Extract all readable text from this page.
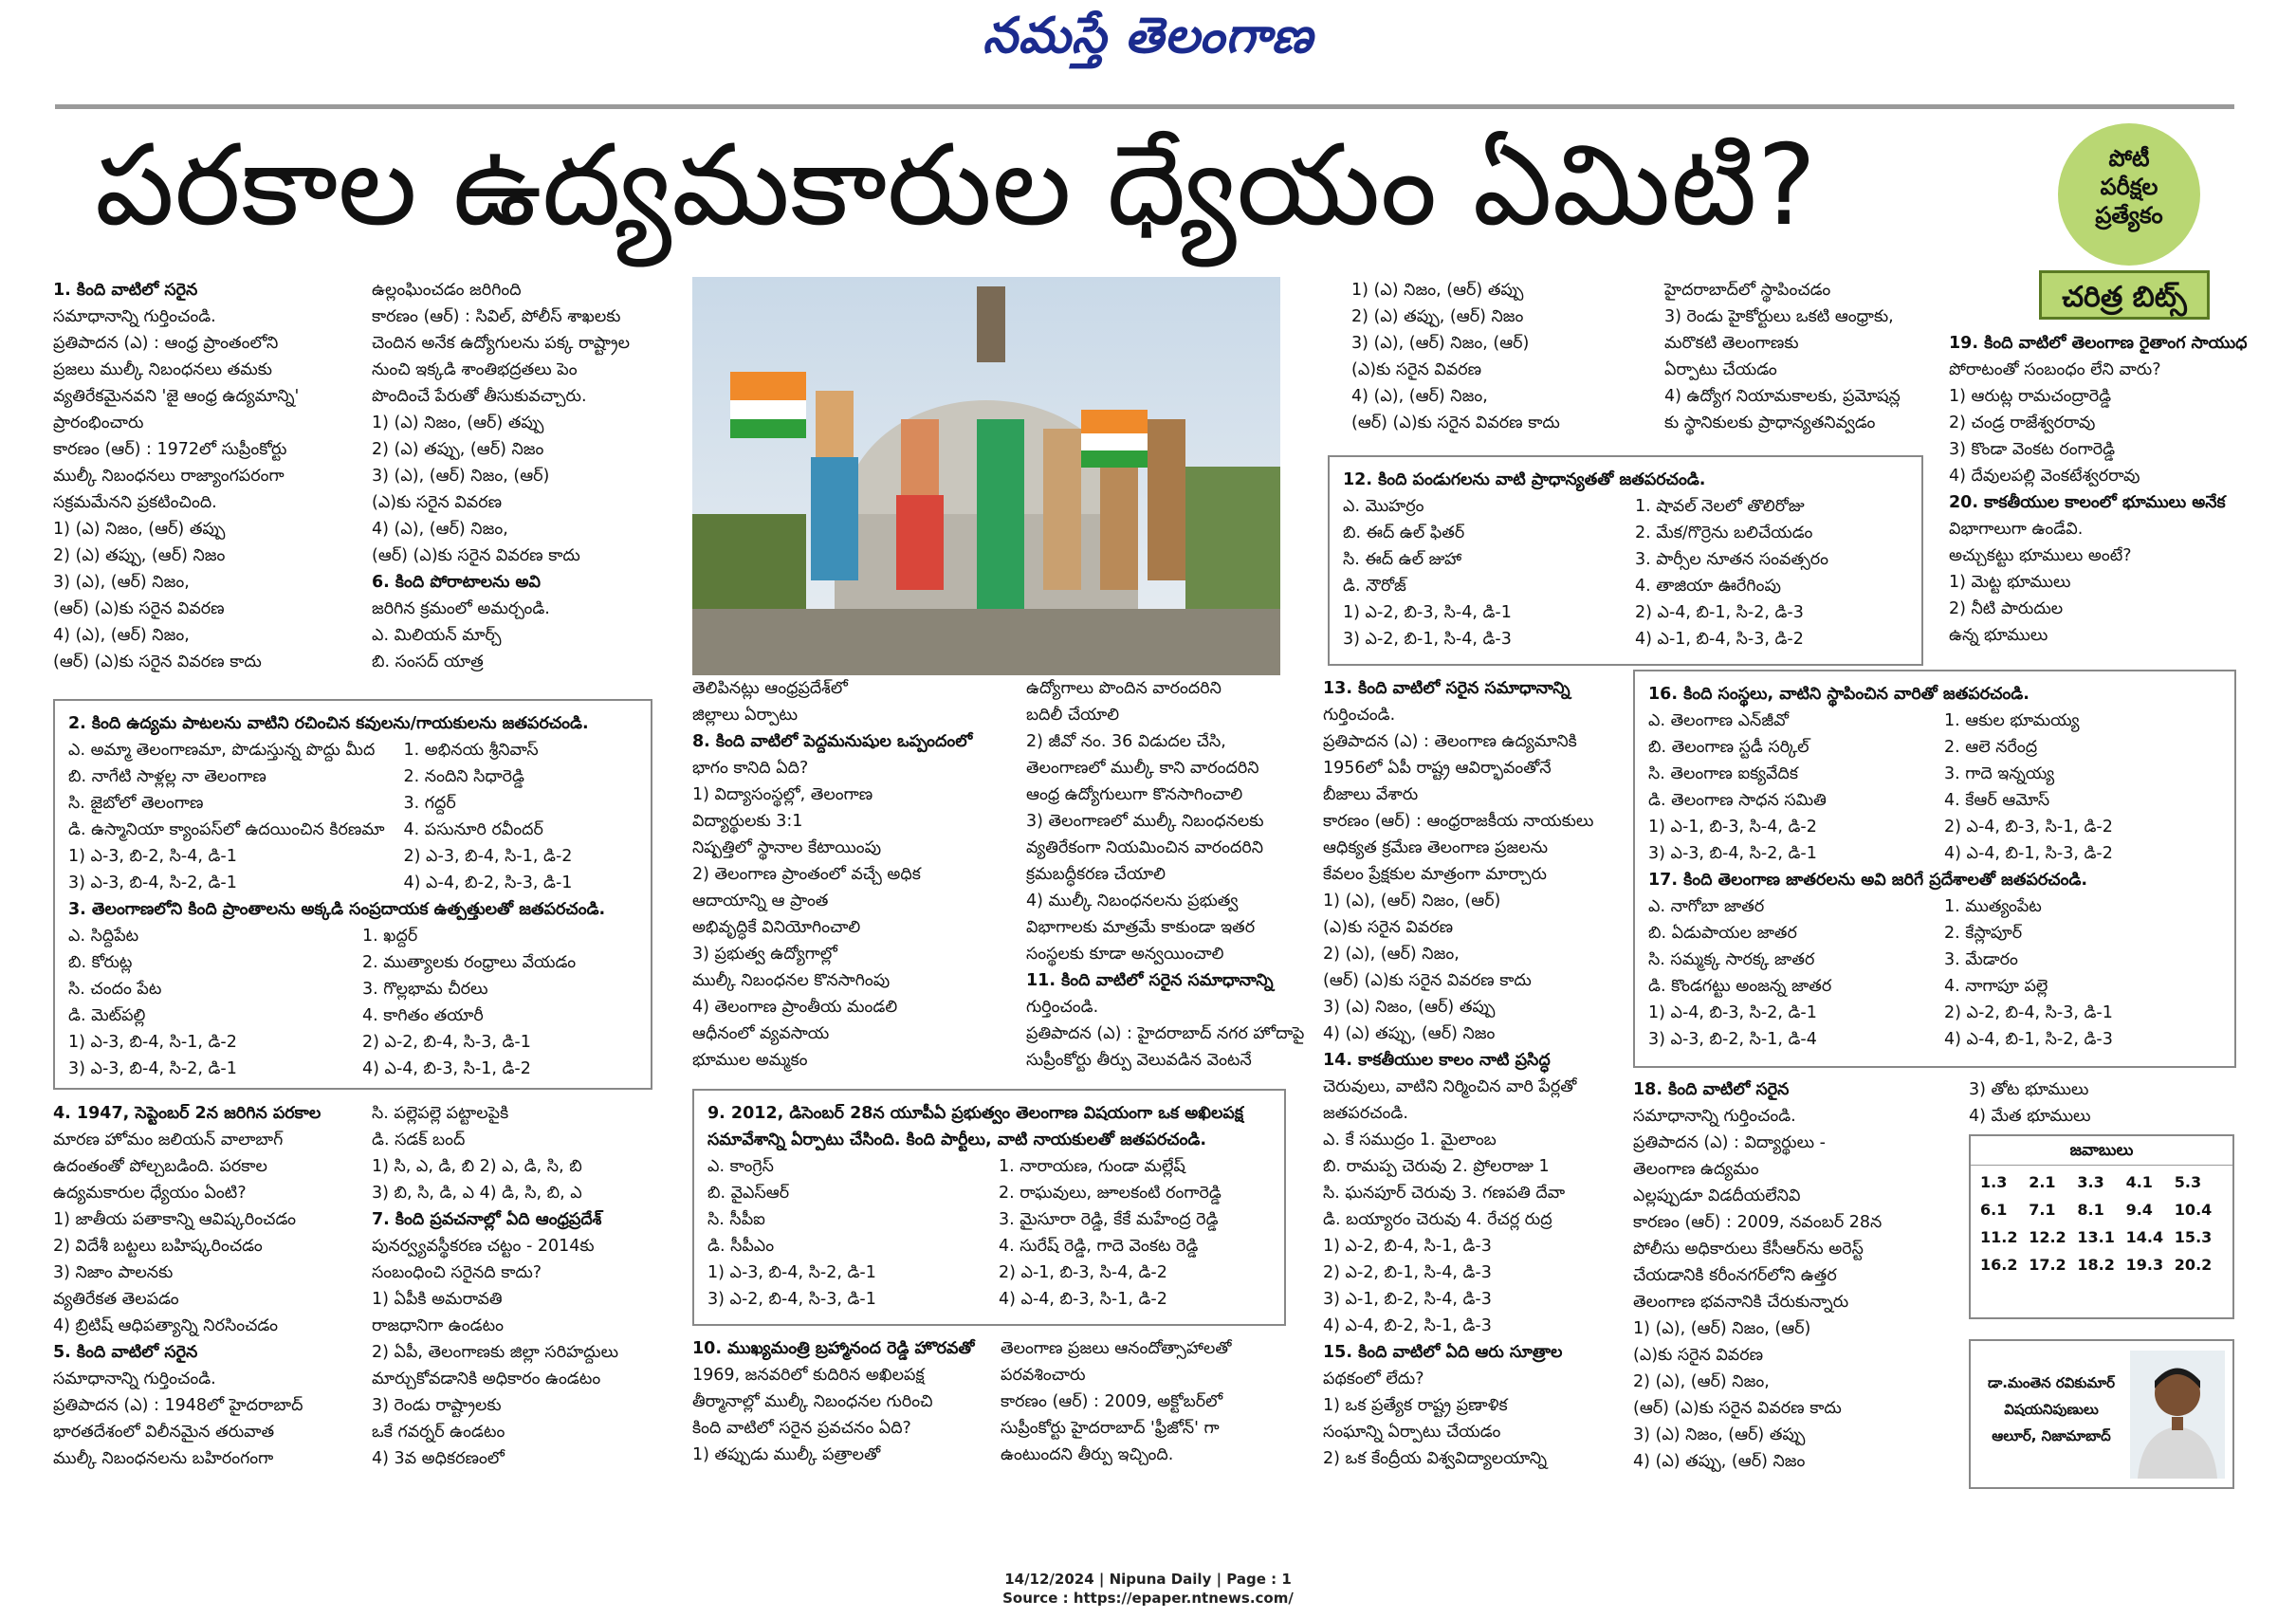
నమస్తే తెలంగాణ
పరకాల ఉద్యమకారుల ధ్యేయం ఏమిటి?	పోటీ
పరీక్షల
ప్రత్యేకం
చరిత్ర బిట్స్

1. కింది వాటిలో సరైన

సమాధానాన్ని గుర్తించండి.

ప్రతిపాదన (ఎ) : ఆంధ్ర ప్రాంతంలోని

ప్రజలు ముల్కీ నిబంధనలు తమకు

వ్యతిరేకమైనవని 'జై ఆంధ్ర ఉద్యమాన్ని'

ప్రారంభించారు

కారణం (ఆర్) : 1972లో సుప్రీంకోర్టు

ముల్కీ నిబంధనలు రాజ్యాంగపరంగా

సక్రమమేనని ప్రకటించింది.

1) (ఎ) నిజం, (ఆర్) తప్పు

2) (ఎ) తప్పు, (ఆర్) నిజం

3) (ఎ), (ఆర్) నిజం,

(ఆర్) (ఎ)కు సరైన వివరణ

4) (ఎ), (ఆర్) నిజం,

(ఆర్) (ఎ)కు సరైన వివరణ కాదు

ఉల్లంఘించడం జరిగింది

కారణం (ఆర్) : సివిల్, పోలీస్ శాఖలకు

చెందిన అనేక ఉద్యోగులను పక్క రాష్ట్రాల

నుంచి ఇక్కడి శాంతిభద్రతలు పెం

పొందించే పేరుతో తీసుకువచ్చారు.

1) (ఎ) నిజం, (ఆర్) తప్పు

2) (ఎ) తప్పు, (ఆర్) నిజం

3) (ఎ), (ఆర్) నిజం, (ఆర్)

(ఎ)కు సరైన వివరణ

4) (ఎ), (ఆర్) నిజం,

(ఆర్) (ఎ)కు సరైన వివరణ కాదు

6. కింది పోరాటాలను అవి

జరిగిన క్రమంలో అమర్చండి.

ఎ. మిలియన్ మార్చ్

బి. సంసద్ యాత్ర

1) (ఎ) నిజం, (ఆర్) తప్పు

2) (ఎ) తప్పు, (ఆర్) నిజం

3) (ఎ), (ఆర్) నిజం, (ఆర్)

(ఎ)కు సరైన వివరణ

4) (ఎ), (ఆర్) నిజం,

(ఆర్) (ఎ)కు సరైన వివరణ కాదు

హైదరాబాద్‌లో స్థాపించడం

3) రెండు హైకోర్టులు ఒకటి ఆంధ్రాకు,

మరొకటి తెలంగాణకు

ఏర్పాటు చేయడం

4) ఉద్యోగ నియామకాలకు, ప్రమోషన్ల

కు స్థానికులకు ప్రాధాన్యతనివ్వడం

12. కింది పండుగలను వాటి ప్రాధాన్యతతో జతపరచండి.
ఎ. మొహర్రం	1. షావల్ నెలలో తొలిరోజు
బి. ఈద్ ఉల్ ఫితర్	2. మేక/గొర్రెను బలిచేయడం
సి. ఈద్ ఉల్ జుహా	3. పార్సీల నూతన సంవత్సరం
డి. నౌరోజ్	4. తాజియా ఊరేగింపు
1) ఎ-2, బి-3, సి-4, డి-1	2) ఎ-4, బి-1, సి-2, డి-3
3) ఎ-2, బి-1, సి-4, డి-3	4) ఎ-1, బి-4, సి-3, డి-2

19. కింది వాటిలో తెలంగాణ రైతాంగ సాయుధ

పోరాటంతో సంబంధం లేని వారు?

1) ఆరుట్ల రామచంద్రారెడ్డి

2) చండ్ర రాజేశ్వరరావు

3) కొండా వెంకట రంగారెడ్డి

4) దేవులపల్లి వెంకటేశ్వరరావు

20. కాకతీయుల కాలంలో భూములు అనేక

విభాగాలుగా ఉండేవి.

అచ్చుకట్టు భూములు అంటే?

1) మెట్ట భూములు

2) నీటి పారుదుల

ఉన్న భూములు

2. కింది ఉద్యమ పాటలను వాటిని రచించిన కవులను/గాయకులను జతపరచండి.
ఎ. అమ్మా తెలంగాణమా, పొడుస్తున్న పొద్దు మీద	1. అభినయ శ్రీనివాస్
బి. నాగేటి సాళ్లల్ల నా తెలంగాణ	2. నందిని సిధారెడ్డి
సి. జైబోలో తెలంగాణ	3. గద్దర్
డి. ఉస్మానియా క్యాంపస్‌లో ఉదయించిన కిరణమా 4. పసునూరి రవీందర్
1) ఎ-3, బి-2, సి-4, డి-1	2) ఎ-3, బి-4, సి-1, డి-2
3) ఎ-3, బి-4, సి-2, డి-1	4) ఎ-4, బి-2, సి-3, డి-1
3. తెలంగాణలోని కింది ప్రాంతాలను అక్కడి సంప్రదాయక ఉత్పత్తులతో జతపరచండి.
ఎ. సిద్దిపేట	1. ఖద్దర్
బి. కోరుట్ల	2. ముత్యాలకు రంధ్రాలు వేయడం
సి. చందం పేట	3. గొల్లభామ చీరలు
డి. మెట్‌పల్లి	4. కాగితం తయారీ
1) ఎ-3, బి-4, సి-1, డి-2	2) ఎ-2, బి-4, సి-3, డి-1
3) ఎ-3, బి-4, సి-2, డి-1	4) ఎ-4, బి-3, సి-1, డి-2

తెలిపినట్లు ఆంధ్రప్రదేశ్‌లో

జిల్లాలు ఏర్పాటు

8. కింది వాటిలో పెద్దమనుషుల ఒప్పందంలో

భాగం కానిది ఏది?

1) విద్యాసంస్థల్లో, తెలంగాణ

విద్యార్థులకు 3:1

నిష్పత్తిలో స్థానాల కేటాయింపు

2) తెలంగాణ ప్రాంతంలో వచ్చే అధిక

ఆదాయాన్ని ఆ ప్రాంత

అభివృద్ధికే వినియోగించాలి

3) ప్రభుత్వ ఉద్యోగాల్లో

ముల్కీ నిబంధనల కొనసాగింపు

4) తెలంగాణ ప్రాంతీయ మండలి

ఆధీనంలో వ్యవసాయ

భూముల అమ్మకం

ఉద్యోగాలు పొందిన వారందరిని

బదిలీ చేయాలి

2) జీవో నం. 36 విడుదల చేసి,

తెలంగాణలో ముల్కీ కాని వారందరిని

ఆంధ్ర ఉద్యోగులుగా కొనసాగించాలి

3) తెలంగాణలో ముల్కీ నిబంధనలకు

వ్యతిరేకంగా నియమించిన వారందరిని

క్రమబద్ధీకరణ చేయాలి

4) ముల్కీ నిబంధనలను ప్రభుత్వ

విభాగాలకు మాత్రమే కాకుండా ఇతర

సంస్థలకు కూడా అన్వయించాలి

11. కింది వాటిలో సరైన సమాధానాన్ని

గుర్తించండి.

ప్రతిపాదన (ఎ) : హైదరాబాద్ నగర హోదాపై

సుప్రీంకోర్టు తీర్పు వెలువడిన వెంటనే

13. కింది వాటిలో సరైన సమాధానాన్ని

గుర్తించండి.

ప్రతిపాదన (ఎ) : తెలంగాణ ఉద్యమానికి

1956లో ఏపీ రాష్ట్ర ఆవిర్భావంతోనే

బీజాలు వేశారు

కారణం (ఆర్) : ఆంధ్రరాజకీయ నాయకులు

ఆధిక్యత క్రమేణ తెలంగాణ ప్రజలను

కేవలం ప్రేక్షకుల మాత్రంగా మార్చారు

1) (ఎ), (ఆర్) నిజం, (ఆర్)

(ఎ)కు సరైన వివరణ

2) (ఎ), (ఆర్) నిజం,

(ఆర్) (ఎ)కు సరైన వివరణ కాదు

3) (ఎ) నిజం, (ఆర్) తప్పు

4) (ఎ) తప్పు, (ఆర్) నిజం

14. కాకతీయుల కాలం నాటి ప్రసిద్ధ

చెరువులు, వాటిని నిర్మించిన వారి పేర్లతో

జతపరచండి.

ఎ. కే సముద్రం 1. మైలాంబ

బి. రామప్ప చెరువు 2. ప్రోలరాజు 1

సి. ఘనపూర్ చెరువు 3. గణపతి దేవా

డి. బయ్యారం చెరువు 4. రేచర్ల రుద్ర

1) ఎ-2, బి-4, సి-1, డి-3

2) ఎ-2, బి-1, సి-4, డి-3

3) ఎ-1, బి-2, సి-4, డి-3

4) ఎ-4, బి-2, సి-1, డి-3

15. కింది వాటిలో ఏది ఆరు సూత్రాల

పథకంలో లేదు?

1) ఒక ప్రత్యేక రాష్ట్ర ప్రణాళిక

సంఘాన్ని ఏర్పాటు చేయడం

2) ఒక కేంద్రీయ విశ్వవిద్యాలయాన్ని

16. కింది సంస్థలు, వాటిని స్థాపించిన వారితో జతపరచండి.
ఎ. తెలంగాణ ఎన్‌జీవో	1. ఆకుల భూమయ్య
బి. తెలంగాణ స్టడీ సర్కిల్	2. ఆలె నరేంద్ర
సి. తెలంగాణ ఐక్యవేదిక	3. గాదె ఇన్నయ్య
డి. తెలంగాణ సాధన సమితి	4. కేఆర్ ఆమోస్
1) ఎ-1, బి-3, సి-4, డి-2	2) ఎ-4, బి-3, సి-1, డి-2
3) ఎ-3, బి-4, సి-2, డి-1	4) ఎ-4, బి-1, సి-3, డి-2
17. కింది తెలంగాణ జాతరలను అవి జరిగే ప్రదేశాలతో జతపరచండి.
ఎ. నాగోబా జాతర	1. ముత్యంపేట
బి. ఏడుపాయల జాతర	2. కేస్లాపూర్
సి. సమ్మక్క సారక్క జాతర	3. మేడారం
డి. కొండగట్టు అంజన్న జాతర	4. నాగాపూ పల్లె
1) ఎ-4, బి-3, సి-2, డి-1	2) ఎ-2, బి-4, సి-3, డి-1
3) ఎ-3, బి-2, సి-1, డి-4	4) ఎ-4, బి-1, సి-2, డి-3

4. 1947, సెప్టెంబర్ 2న జరిగిన పరకాల

మారణ హోమం జలియన్ వాలాబాగ్

ఉదంతంతో పోల్చబడింది. పరకాల

ఉద్యమకారుల ధ్యేయం ఏంటి?

1) జాతీయ పతాకాన్ని ఆవిష్కరించడం

2) విదేశీ బట్టలు బహిష్కరించడం

3) నిజాం పాలనకు

వ్యతిరేకత తెలపడం

4) బ్రిటిష్ ఆధిపత్యాన్ని నిరసించడం

5. కింది వాటిలో సరైన

సమాధానాన్ని గుర్తించండి.

ప్రతిపాదన (ఎ) : 1948లో హైదరాబాద్

భారతదేశంలో విలీనమైన తరువాత

ముల్కీ నిబంధనలను బహిరంగంగా

సి. పల్లెపల్లె పట్టాలపైకి

డి. సడక్ బంద్

1) సి, ఎ, డి, బి 2) ఎ, డి, సి, బి

3) బి, సి, డి, ఎ 4) డి, సి, బి, ఎ

7. కింది ప్రవచనాల్లో ఏది ఆంధ్రప్రదేశ్

పునర్వ్యవస్థీకరణ చట్టం - 2014కు

సంబంధించి సరైనది కాదు?

1) ఏపీకి అమరావతి

రాజధానిగా ఉండటం

2) ఏపీ, తెలంగాణకు జిల్లా సరిహద్దులు

మార్చుకోవడానికి అధికారం ఉండటం

3) రెండు రాష్ట్రాలకు

ఒకే గవర్నర్ ఉండటం

4) 3వ అధికరణంలో

9. 2012, డిసెంబర్ 28న యూపీఏ ప్రభుత్వం తెలంగాణ విషయంగా ఒక అఖిలపక్ష
సమావేశాన్ని ఏర్పాటు చేసింది. కింది పార్టీలు, వాటి నాయకులతో జతపరచండి.
ఎ. కాంగ్రెస్	1. నారాయణ, గుండా మల్లేష్
బి. వైఎస్ఆర్	2. రాఘవులు, జూలకంటి రంగారెడ్డి
సి. సీపీఐ	3. మైసూరా రెడ్డి, కేకే మహేంద్ర రెడ్డి
డి. సీపీఎం	4. సురేష్ రెడ్డి, గాదె వెంకట రెడ్డి
1) ఎ-3, బి-4, సి-2, డి-1	2) ఎ-1, బి-3, సి-4, డి-2
3) ఎ-2, బి-4, సి-3, డి-1	4) ఎ-4, బి-3, సి-1, డి-2

10. ముఖ్యమంత్రి బ్రహ్మానంద రెడ్డి హొరవతో

1969, జనవరిలో కుదిరిన అఖిలపక్ష

తీర్మానాల్లో ముల్కీ నిబంధనల గురించి

కింది వాటిలో సరైన ప్రవచనం ఏది?

1) తప్పుడు ముల్కీ పత్రాలతో

తెలంగాణ ప్రజలు ఆనందోత్సాహాలతో

పరవశించారు

కారణం (ఆర్) : 2009, అక్టోబర్‌లో

సుప్రీంకోర్టు హైదరాబాద్ 'ఫ్రీజోన్' గా

ఉంటుందని తీర్పు ఇచ్చింది.

18. కింది వాటిలో సరైన

సమాధానాన్ని గుర్తించండి.

ప్రతిపాదన (ఎ) : విద్యార్థులు -

తెలంగాణ ఉద్యమం

ఎల్లప్పుడూ విడదీయలేనివి

కారణం (ఆర్) : 2009, నవంబర్ 28న

పోలీసు అధికారులు కేసీఆర్‌ను అరెస్ట్

చేయడానికి కరీంనగర్‌లోని ఉత్తర

తెలంగాణ భవనానికి చేరుకున్నారు

1) (ఎ), (ఆర్) నిజం, (ఆర్)

(ఎ)కు సరైన వివరణ

2) (ఎ), (ఆర్) నిజం,

(ఆర్) (ఎ)కు సరైన వివరణ కాదు

3) (ఎ) నిజం, (ఆర్) తప్పు

4) (ఎ) తప్పు, (ఆర్) నిజం

3) తోట భూములు

4) మేత భూములు

జవాబులు
1.3	2.1	3.3	4.1	5.3
6.1	7.1	8.1	9.4	10.4
11.2 12.2 13.1 14.4 15.3
16.2 17.2 18.2 19.3 20.2
డా.మంతెన రవికుమార్
విషయనిపుణులు
ఆలూర్, నిజామాబాద్
14/12/2024 | Nipuna Daily | Page : 1
Source : https://epaper.ntnews.com/
